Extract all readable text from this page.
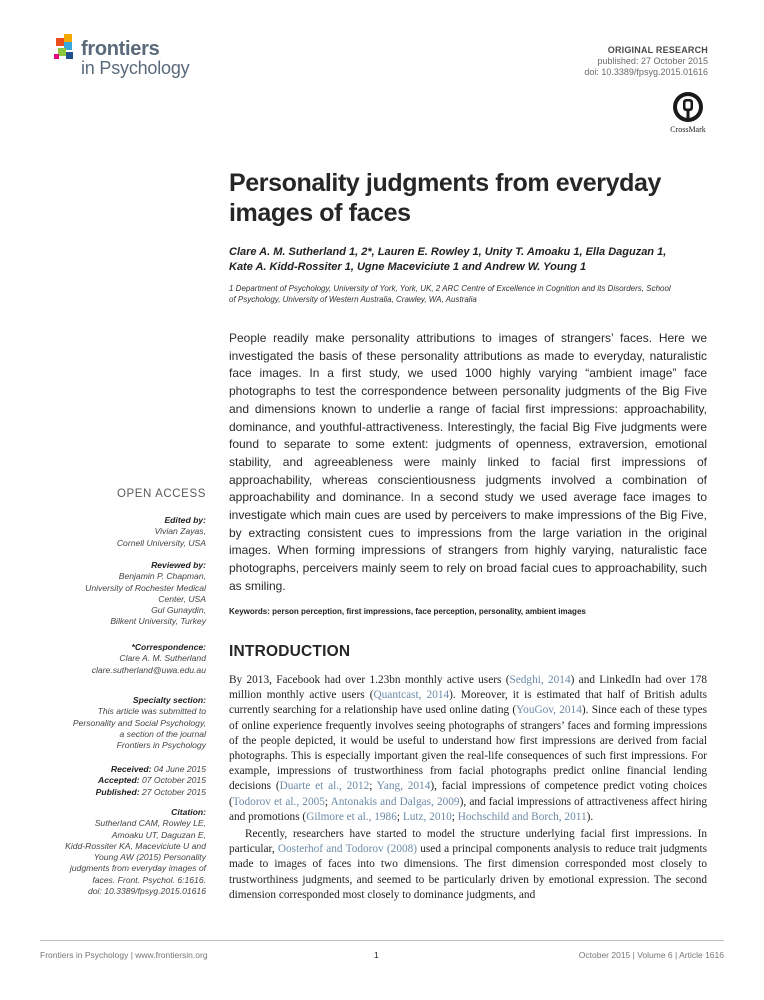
frontiers
in Psychology
ORIGINAL RESEARCH
published: 27 October 2015
doi: 10.3389/fpsyg.2015.01616
CrossMark
Personality judgments from everyday
images of faces
Clare A. M. Sutherland 1, 2*, Lauren E. Rowley 1, Unity T. Amoaku 1, Ella Daguzan 1,
Kate A. Kidd-Rossiter 1, Ugne Maceviciute 1 and Andrew W. Young 1
1 Department of Psychology, University of York, York, UK, 2 ARC Centre of Excellence in Cognition and its Disorders, School
of Psychology, University of Western Australia, Crawley, WA, Australia
People readily make personality attributions to images of strangers’ faces. Here we investigated the basis of these personality attributions as made to everyday, naturalistic face images. In a first study, we used 1000 highly varying “ambient image” face photographs to test the correspondence between personality judgments of the Big Five and dimensions known to underlie a range of facial first impressions: approachability, dominance, and youthful-attractiveness. Interestingly, the facial Big Five judgments were found to separate to some extent: judgments of openness, extraversion, emotional stability, and agreeableness were mainly linked to facial first impressions of approachability, whereas conscientiousness judgments involved a combination of approachability and dominance. In a second study we used average face images to investigate which main cues are used by perceivers to make impressions of the Big Five, by extracting consistent cues to impressions from the large variation in the original images. When forming impressions of strangers from highly varying, naturalistic face photographs, perceivers mainly seem to rely on broad facial cues to approachability, such as smiling.
Keywords: person perception, first impressions, face perception, personality, ambient images
INTRODUCTION

By 2013, Facebook had over 1.23bn monthly active users (Sedghi, 2014) and LinkedIn had over 178 million monthly active users (Quantcast, 2014). Moreover, it is estimated that half of British adults currently searching for a relationship have used online dating (YouGov, 2014). Since each of these types of online experience frequently involves seeing photographs of strangers’ faces and forming impressions of the people depicted, it would be useful to understand how first impressions are derived from facial photographs. This is especially important given the real-life consequences of such first impressions. For example, impressions of trustworthiness from facial photographs predict online financial lending decisions (Duarte et al., 2012; Yang, 2014), facial impressions of competence predict voting choices (Todorov et al., 2005; Antonakis and Dalgas, 2009), and facial impressions of attractiveness affect hiring and promotions (Gilmore et al., 1986; Lutz, 2010; Hochschild and Borch, 2011).

Recently, researchers have started to model the structure underlying facial first impressions. In particular, Oosterhof and Todorov (2008) used a principal components analysis to reduce trait judgments made to images of faces into two dimensions. The first dimension corresponded most closely to trustworthiness judgments, and seemed to be particularly driven by emotional expression. The second dimension corresponded most closely to dominance judgments, and

OPEN ACCESS
Edited by:
Vivian Zayas,
Cornell University, USA
Reviewed by:
Benjamin P. Chapman,
University of Rochester Medical
Center, USA
Gul Gunaydin,
Bilkent University, Turkey
*Correspondence:
Clare A. M. Sutherland
clare.sutherland@uwa.edu.au
Specialty section:
This article was submitted to
Personality and Social Psychology,
a section of the journal
Frontiers in Psychology
Received: 04 June 2015
Accepted: 07 October 2015
Published: 27 October 2015
Citation:
Sutherland CAM, Rowley LE,
Amoaku UT, Daguzan E,
Kidd-Rossiter KA, Maceviciute U and
Young AW (2015) Personality
judgments from everyday images of
faces. Front. Psychol. 6:1616.
doi: 10.3389/fpsyg.2015.01616
Frontiers in Psychology | www.frontiersin.org	1	October 2015 | Volume 6 | Article 1616
